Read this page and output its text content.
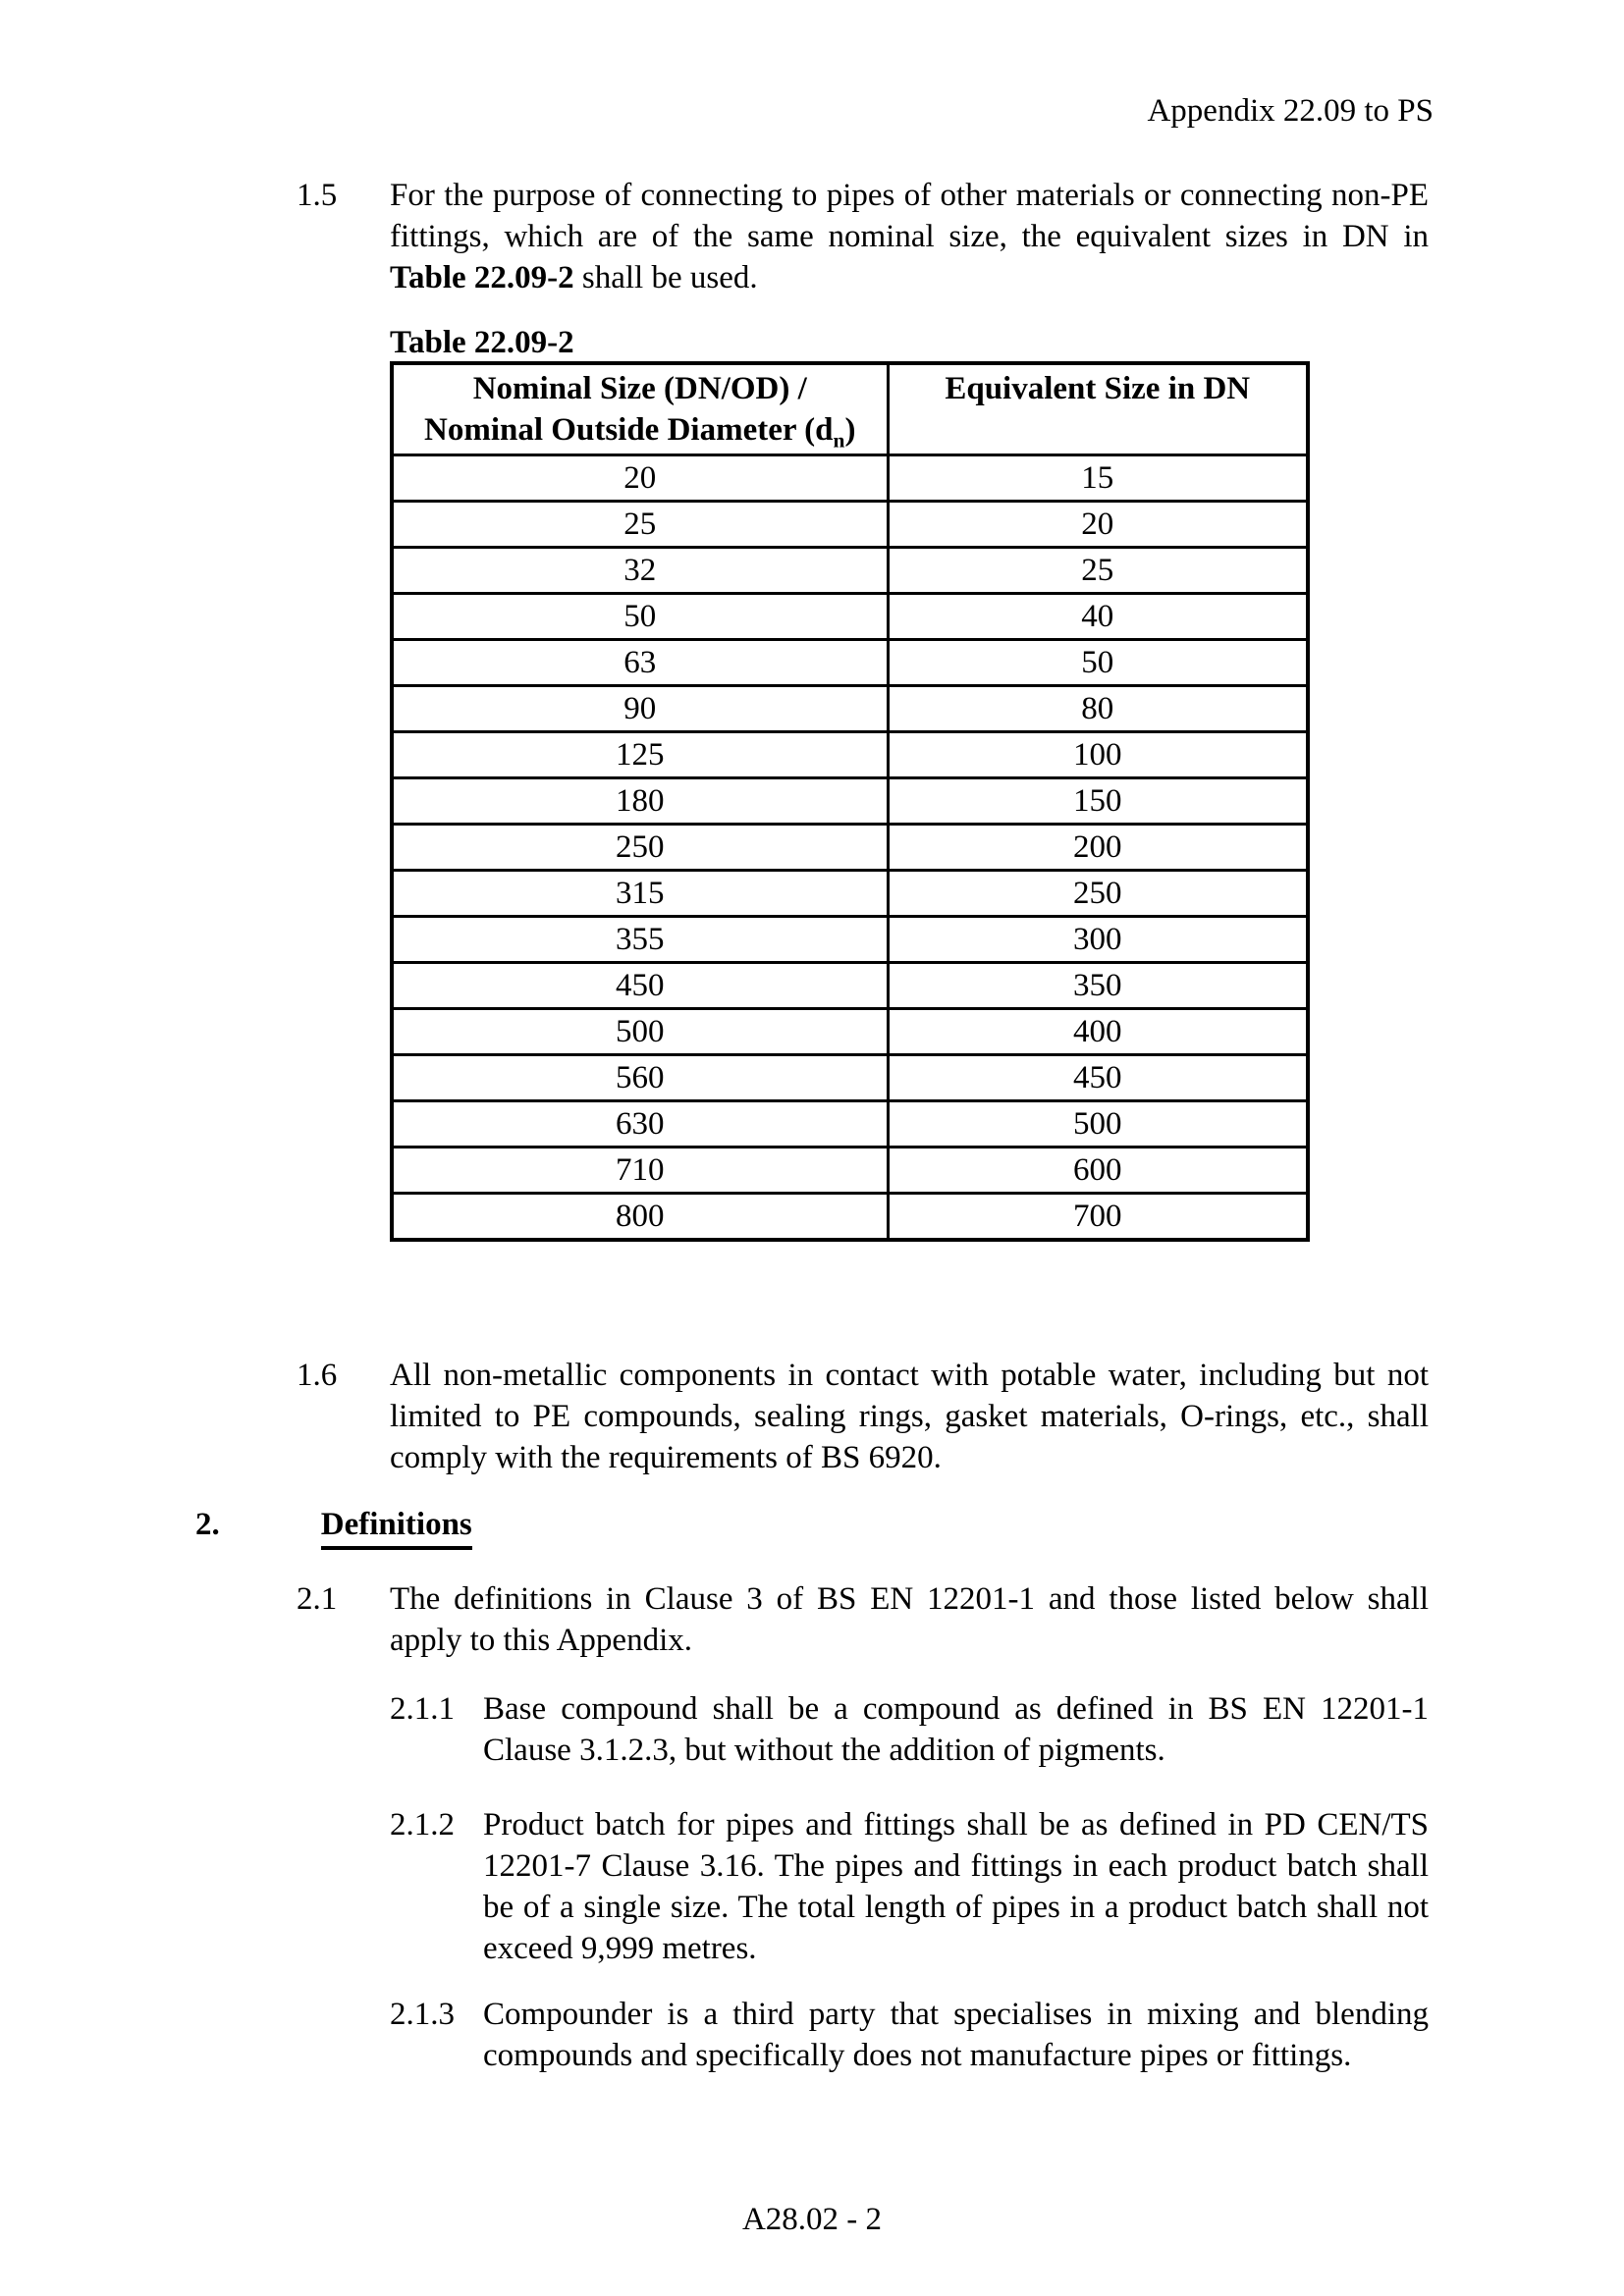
Appendix 22.09 to PS
1.5 For the purpose of connecting to pipes of other materials or connecting non-PE fittings, which are of the same nominal size, the equivalent sizes in DN in Table 22.09-2 shall be used.
Table 22.09-2
Nominal Size (DN/OD) /
Nominal Outside Diameter $(d_n)$	Equivalent Size in DN
20	15
25	20
32	25
50	40
63	50
90	80
125	100
180	150
250	200
315	250
355	300
450	350
500	400
560	450
630	500
710	600
800	700
1.6 All non-metallic components in contact with potable water, including but not limited to PE compounds, sealing rings, gasket materials, O-rings, etc., shall comply with the requirements of BS 6920.
2.	Definitions
2.1 The definitions in Clause 3 of BS EN 12201-1 and those listed below shall apply to this Appendix.
2.1.1 Base compound shall be a compound as defined in BS EN 12201-1 Clause 3.1.2.3, but without the addition of pigments.
2.1.2 Product batch for pipes and fittings shall be as defined in PD CEN/TS 12201-7 Clause 3.16. The pipes and fittings in each product batch shall be of a single size. The total length of pipes in a product batch shall not exceed 9,999 metres.
2.1.3 Compounder is a third party that specialises in mixing and blending compounds and specifically does not manufacture pipes or fittings.
A28.02 - 2
